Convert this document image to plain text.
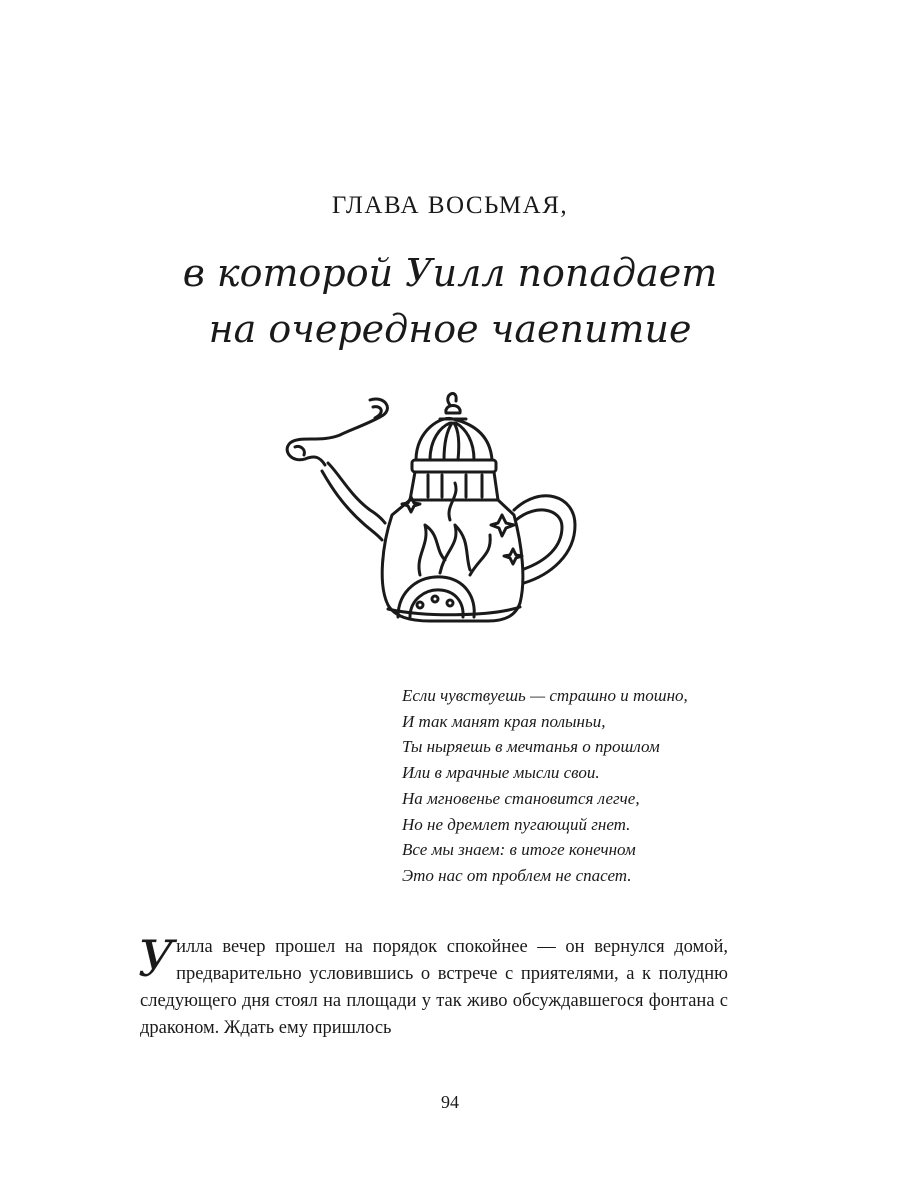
ГЛАВА ВОСЬМАЯ,
в которой Уилл попадает
на очередное чаепитие
Если чувствуешь — страшно и тошно,
И так манят края полыньи,
Ты ныряешь в мечтанья о прошлом
Или в мрачные мысли свои.
На мгновенье становится легче,
Но не дремлет пугающий гнет.
Все мы знаем: в итоге конечном
Это нас от проблем не спасет.
Уилла вечер прошел на порядок спокойнее — он вернулся домой, предварительно условившись о встрече с приятелями, а к полудню следующего дня стоял на площади у так живо обсуждавшегося фонтана с драконом. Ждать ему пришлось
94
